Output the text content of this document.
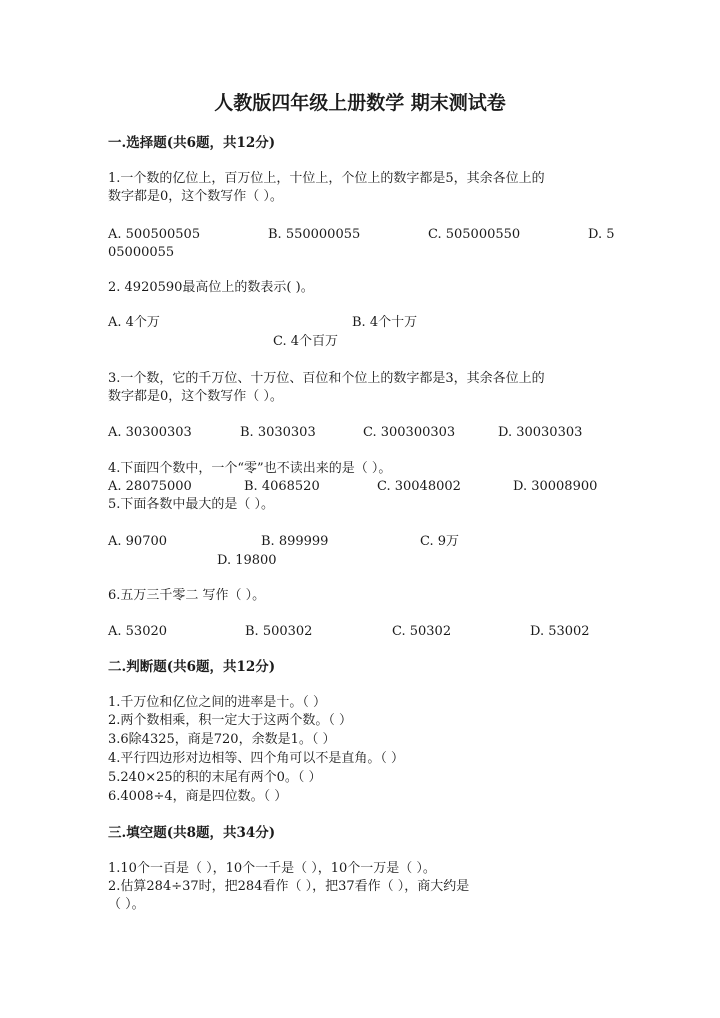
人教版四年级上册数学 期末测试卷
一.选择题(共6题，共12分)
1.一个数的亿位上，百万位上，十位上，个位上的数字都是5，其余各位上的
数字都是0，这个数写作（ ）。
A. 500500505	B. 550000055	C. 505000550	D. 5
05000055
2. 4920590最高位上的数表示( )。
A. 4个万	B. 4个十万
C. 4个百万
3.一个数，它的千万位、十万位、百位和个位上的数字都是3，其余各位上的
数字都是0，这个数写作（ ）。
A. 30300303	B. 3030303	C. 300300303	D. 30030303
4.下面四个数中，一个“零”也不读出来的是（ ）。
A. 28075000	B. 4068520	C. 30048002	D. 30008900
5.下面各数中最大的是（ ）。
A. 90700	B. 899999	C. 9万
D. 19800
6.五万三千零二 写作（ ）。
A. 53020	B. 500302	C. 50302	D. 53002
二.判断题(共6题，共12分)
1.千万位和亿位之间的进率是十。（ ）
2.两个数相乘，积一定大于这两个数。（ ）
3.6除4325，商是720，余数是1。（ ）
4.平行四边形对边相等、四个角可以不是直角。（ ）
5.240×25的积的末尾有两个0。（ ）
6.4008÷4，商是四位数。（ ）
三.填空题(共8题，共34分)
1.10个一百是（ ），10个一千是（ ），10个一万是（ ）。
2.估算284÷37时，把284看作（ ），把37看作（ ），商大约是
（ ）。
